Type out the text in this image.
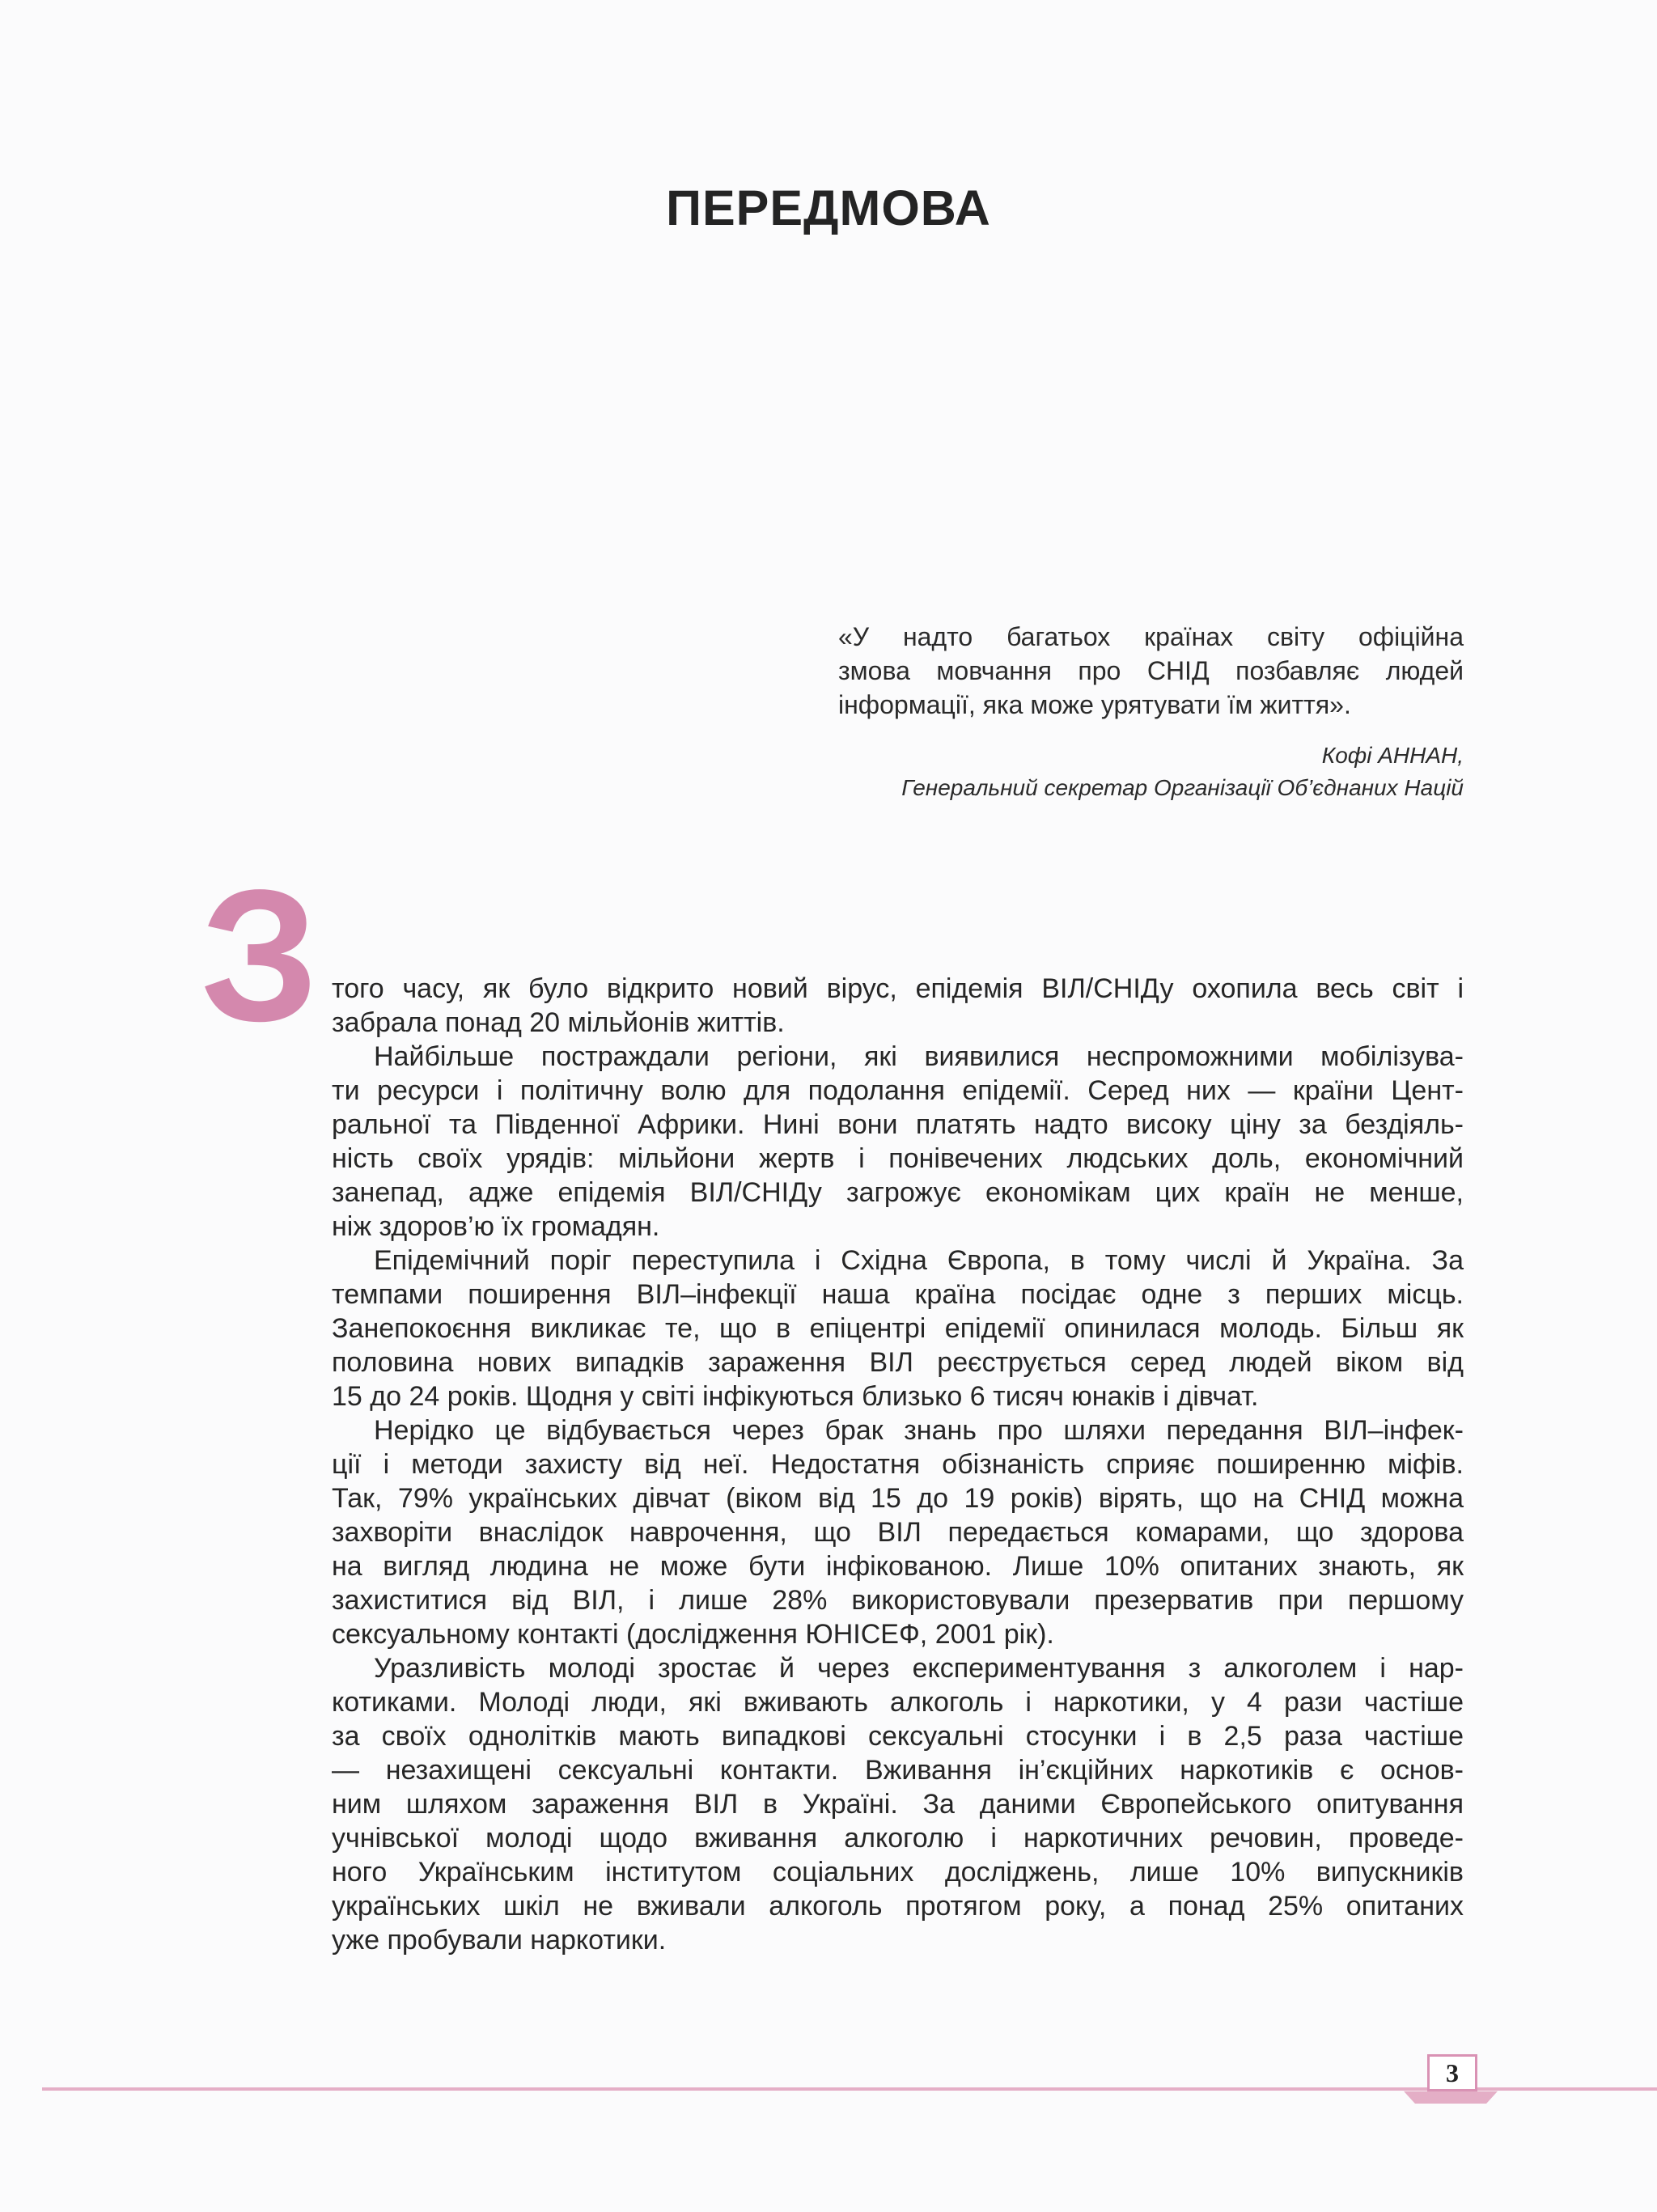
ПЕРЕДМОВА
«У надто багатьох країнах світу офіційна
змова мовчання про СНІД позбавляє людей
інформації, яка може урятувати їм життя».
Кофі АННАН,
Генеральний секретар Організації Об’єднаних Націй
З того часу, як було відкрито новий вірус, епідемія ВІЛ/СНІДу охопила весь світ і
забрала понад 20 мільйонів життів.
Найбільше постраждали регіони, які виявилися неспроможними мобілізува-
ти ресурси і політичну волю для подолання епідемії. Серед них — країни Цент-
ральної та Південної Африки. Нині вони платять надто високу ціну за бездіяль-
ність своїх урядів: мільйони жертв і понівечених людських доль, економічний
занепад, адже епідемія ВІЛ/СНІДу загрожує економікам цих країн не менше,
ніж здоров’ю їх громадян.
Епідемічний поріг переступила і Східна Європа, в тому числі й Україна. За
темпами поширення ВІЛ–інфекції наша країна посідає одне з перших місць.
Занепокоєння викликає те, що в епіцентрі епідемії опинилася молодь. Більш як
половина нових випадків зараження ВІЛ реєструється серед людей віком від
15 до 24 років. Щодня у світі інфікуються близько 6 тисяч юнаків і дівчат.
Нерідко це відбувається через брак знань про шляхи передання ВІЛ–інфек-
ції і методи захисту від неї. Недостатня обізнаність сприяє поширенню міфів.
Так, 79% українських дівчат (віком від 15 до 19 років) вірять, що на СНІД можна
захворіти внаслідок наврочення, що ВІЛ передається комарами, що здорова
на вигляд людина не може бути інфікованою. Лише 10% опитаних знають, як
захиститися від ВІЛ, і лише 28% використовували презерватив при першому
сексуальному контакті (дослідження ЮНІСЕФ, 2001 рік).
Уразливість молоді зростає й через експериментування з алкоголем і нар-
котиками. Молоді люди, які вживають алкоголь і наркотики, у 4 рази частіше
за своїх однолітків мають випадкові сексуальні стосунки і в 2,5 раза частіше
— незахищені сексуальні контакти. Вживання ін’єкційних наркотиків є основ-
ним шляхом зараження ВІЛ в Україні. За даними Європейського опитування
учнівської молоді щодо вживання алкоголю і наркотичних речовин, проведе-
ного Українським інститутом соціальних досліджень, лише 10% випускників
українських шкіл не вживали алкоголь протягом року, а понад 25% опитаних
уже пробували наркотики.
3
